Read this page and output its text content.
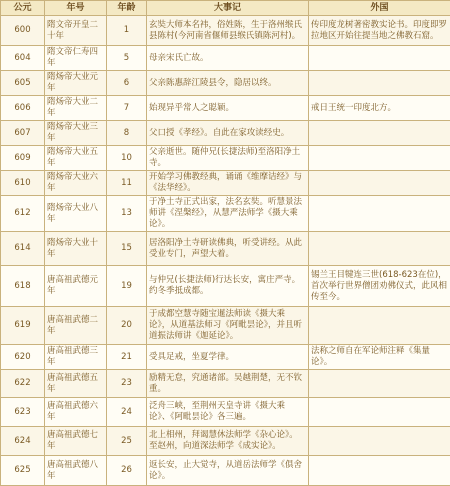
公元	年号	年龄	大事记	外国
600	隋文帝开皇二十年	1	玄奘大师本名袆，俗姓陈，生于洛州缑氏县陈村(今河南省偃师县缑氏镇陈河村)。	传印度龙树著密教实论书。印度即罗拉地区开始往提当地之佛教石窟。
604	隋文帝仁寿四年	5	母亲宋氏亡故。	
605	隋炀帝大业元年	6	父亲陈惠辞江陵县令，隐居以终。	
606	隋炀帝大业二年	7	始现异乎常人之聪颖。	戒日王统一印度北方。
607	隋炀帝大业三年	8	父口授《孝经》。自此在家攻读经史。	
609	隋炀帝大业五年	10	父亲逝世。随仲兄(长捷法师)至洛阳净土寺。	
610	隋炀帝大业六年	11	开始学习佛教经典，诵诵《维摩诘经》与《法华经》。	
612	隋炀帝大业八年	13	于净土寺正式出家，法名玄奘。听慧景法师讲《涅槃经》，从慧严法师学《摄大乘论》。	
614	隋炀帝大业十年	15	居洛阳净土寺研读佛典，听受讲经。从此受业专门，声望大着。	
618	唐高祖武德元年	19	与仲兄(长捷法师)行达长安，寓庄严寺。约冬季抵成都。	锡兰王目犍连三世(618-623在位)，首次举行世界僧团劝佛仪式，此风相传至今。
619	唐高祖武德二年	20	于成都空慧寺随宝暹法师读《摄大乘论》，从道基法师习《阿毗昙论》，并且听道振法师讲《迦延论》。	
620	唐高祖武德三年	21	受具足戒，坐夏学律。	法称之师自在军论师注释《集量论》。
622	唐高祖武德五年	23	励精无怠，究通诸部。吴越荆楚，无不钦重。	
623	唐高祖武德六年	24	泛舟三峡，至荆州天皇寺讲《摄大乘论》、《阿毗昙论》各三遍。	
624	唐高祖武德七年	25	北上相州，拜谒慧休法师学《杂心论》。至赵州，向道深法师学《成实论》。	
625	唐高祖武德八年	26	返长安，止大觉寺，从道岳法师学《俱舍论》。	
